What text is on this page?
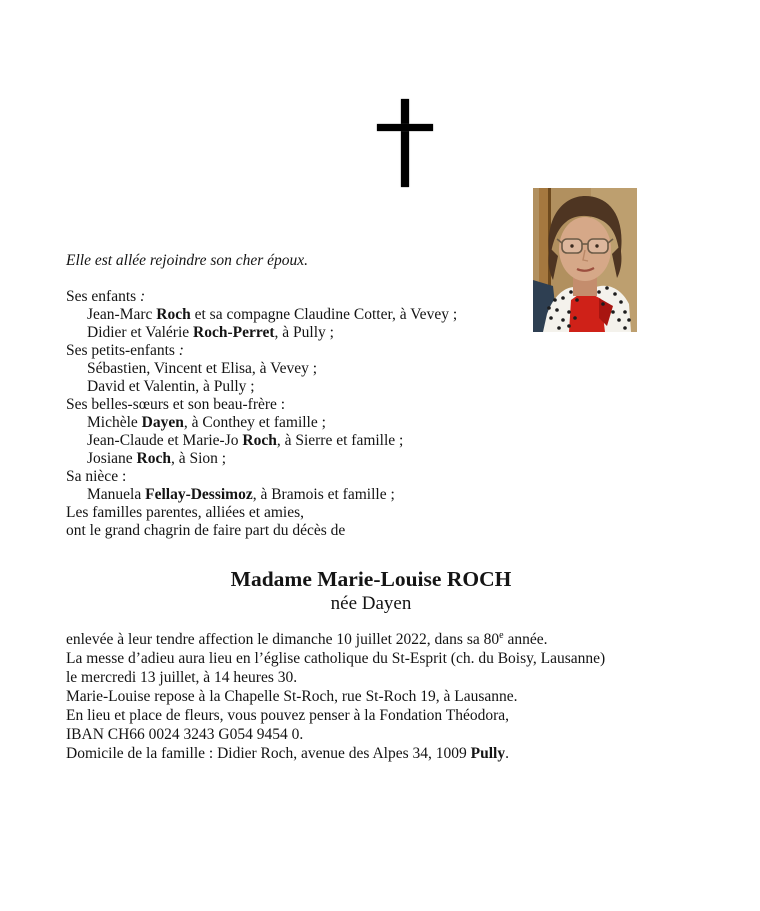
Elle est allée rejoindre son cher époux.

Ses enfants :
Jean-Marc Roch et sa compagne Claudine Cotter, à Vevey ;
Didier et Valérie Roch-Perret, à Pully ;
Ses petits-enfants :
Sébastien, Vincent et Elisa, à Vevey ;
David et Valentin, à Pully ;
Ses belles-sœurs et son beau-frère :
Michèle Dayen, à Conthey et famille ;
Jean-Claude et Marie-Jo Roch, à Sierre et famille ;
Josiane Roch, à Sion ;
Sa nièce :
Manuela Fellay-Dessimoz, à Bramois et famille ;
Les familles parentes, alliées et amies,
ont le grand chagrin de faire part du décès de
Madame Marie-Louise ROCH
née Dayen
enlevée à leur tendre affection le dimanche 10 juillet 2022, dans sa 80e année.
La messe d’adieu aura lieu en l’église catholique du St-Esprit (ch. du Boisy, Lausanne)
le mercredi 13 juillet, à 14 heures 30.
Marie-Louise repose à la Chapelle St-Roch, rue St-Roch 19, à Lausanne.
En lieu et place de fleurs, vous pouvez penser à la Fondation Théodora,
IBAN CH66 0024 3243 G054 9454 0.
Domicile de la famille : Didier Roch, avenue des Alpes 34, 1009 Pully.
